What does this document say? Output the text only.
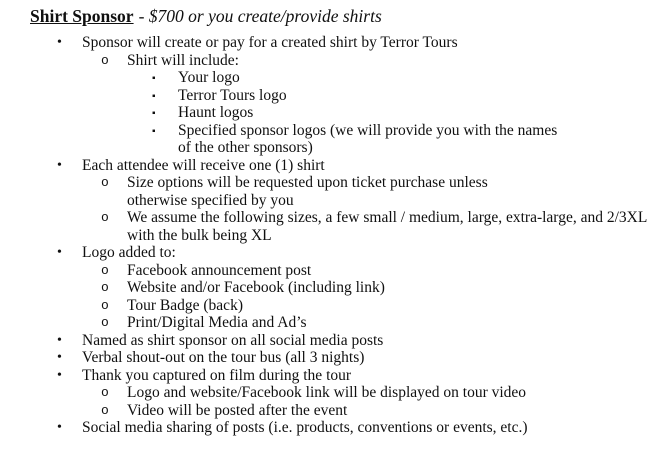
Shirt Sponsor - $700 or you create/provide shirts
• Sponsor will create or pay for a created shirt by Terror Tours
o Shirt will include:
▪ Your logo
▪ Terror Tours logo
▪ Haunt logos
▪ Specified sponsor logos (we will provide you with the names
of the other sponsors)
• Each attendee will receive one (1) shirt
o Size options will be requested upon ticket purchase unless
otherwise specified by you
o We assume the following sizes, a few small / medium, large, extra-large, and 2/3XL
with the bulk being XL
• Logo added to:
o Facebook announcement post
o Website and/or Facebook (including link)
o Tour Badge (back)
o Print/Digital Media and Ad’s
• Named as shirt sponsor on all social media posts
• Verbal shout-out on the tour bus (all 3 nights)
• Thank you captured on film during the tour
o Logo and website/Facebook link will be displayed on tour video
o Video will be posted after the event
• Social media sharing of posts (i.e. products, conventions or events, etc.)
